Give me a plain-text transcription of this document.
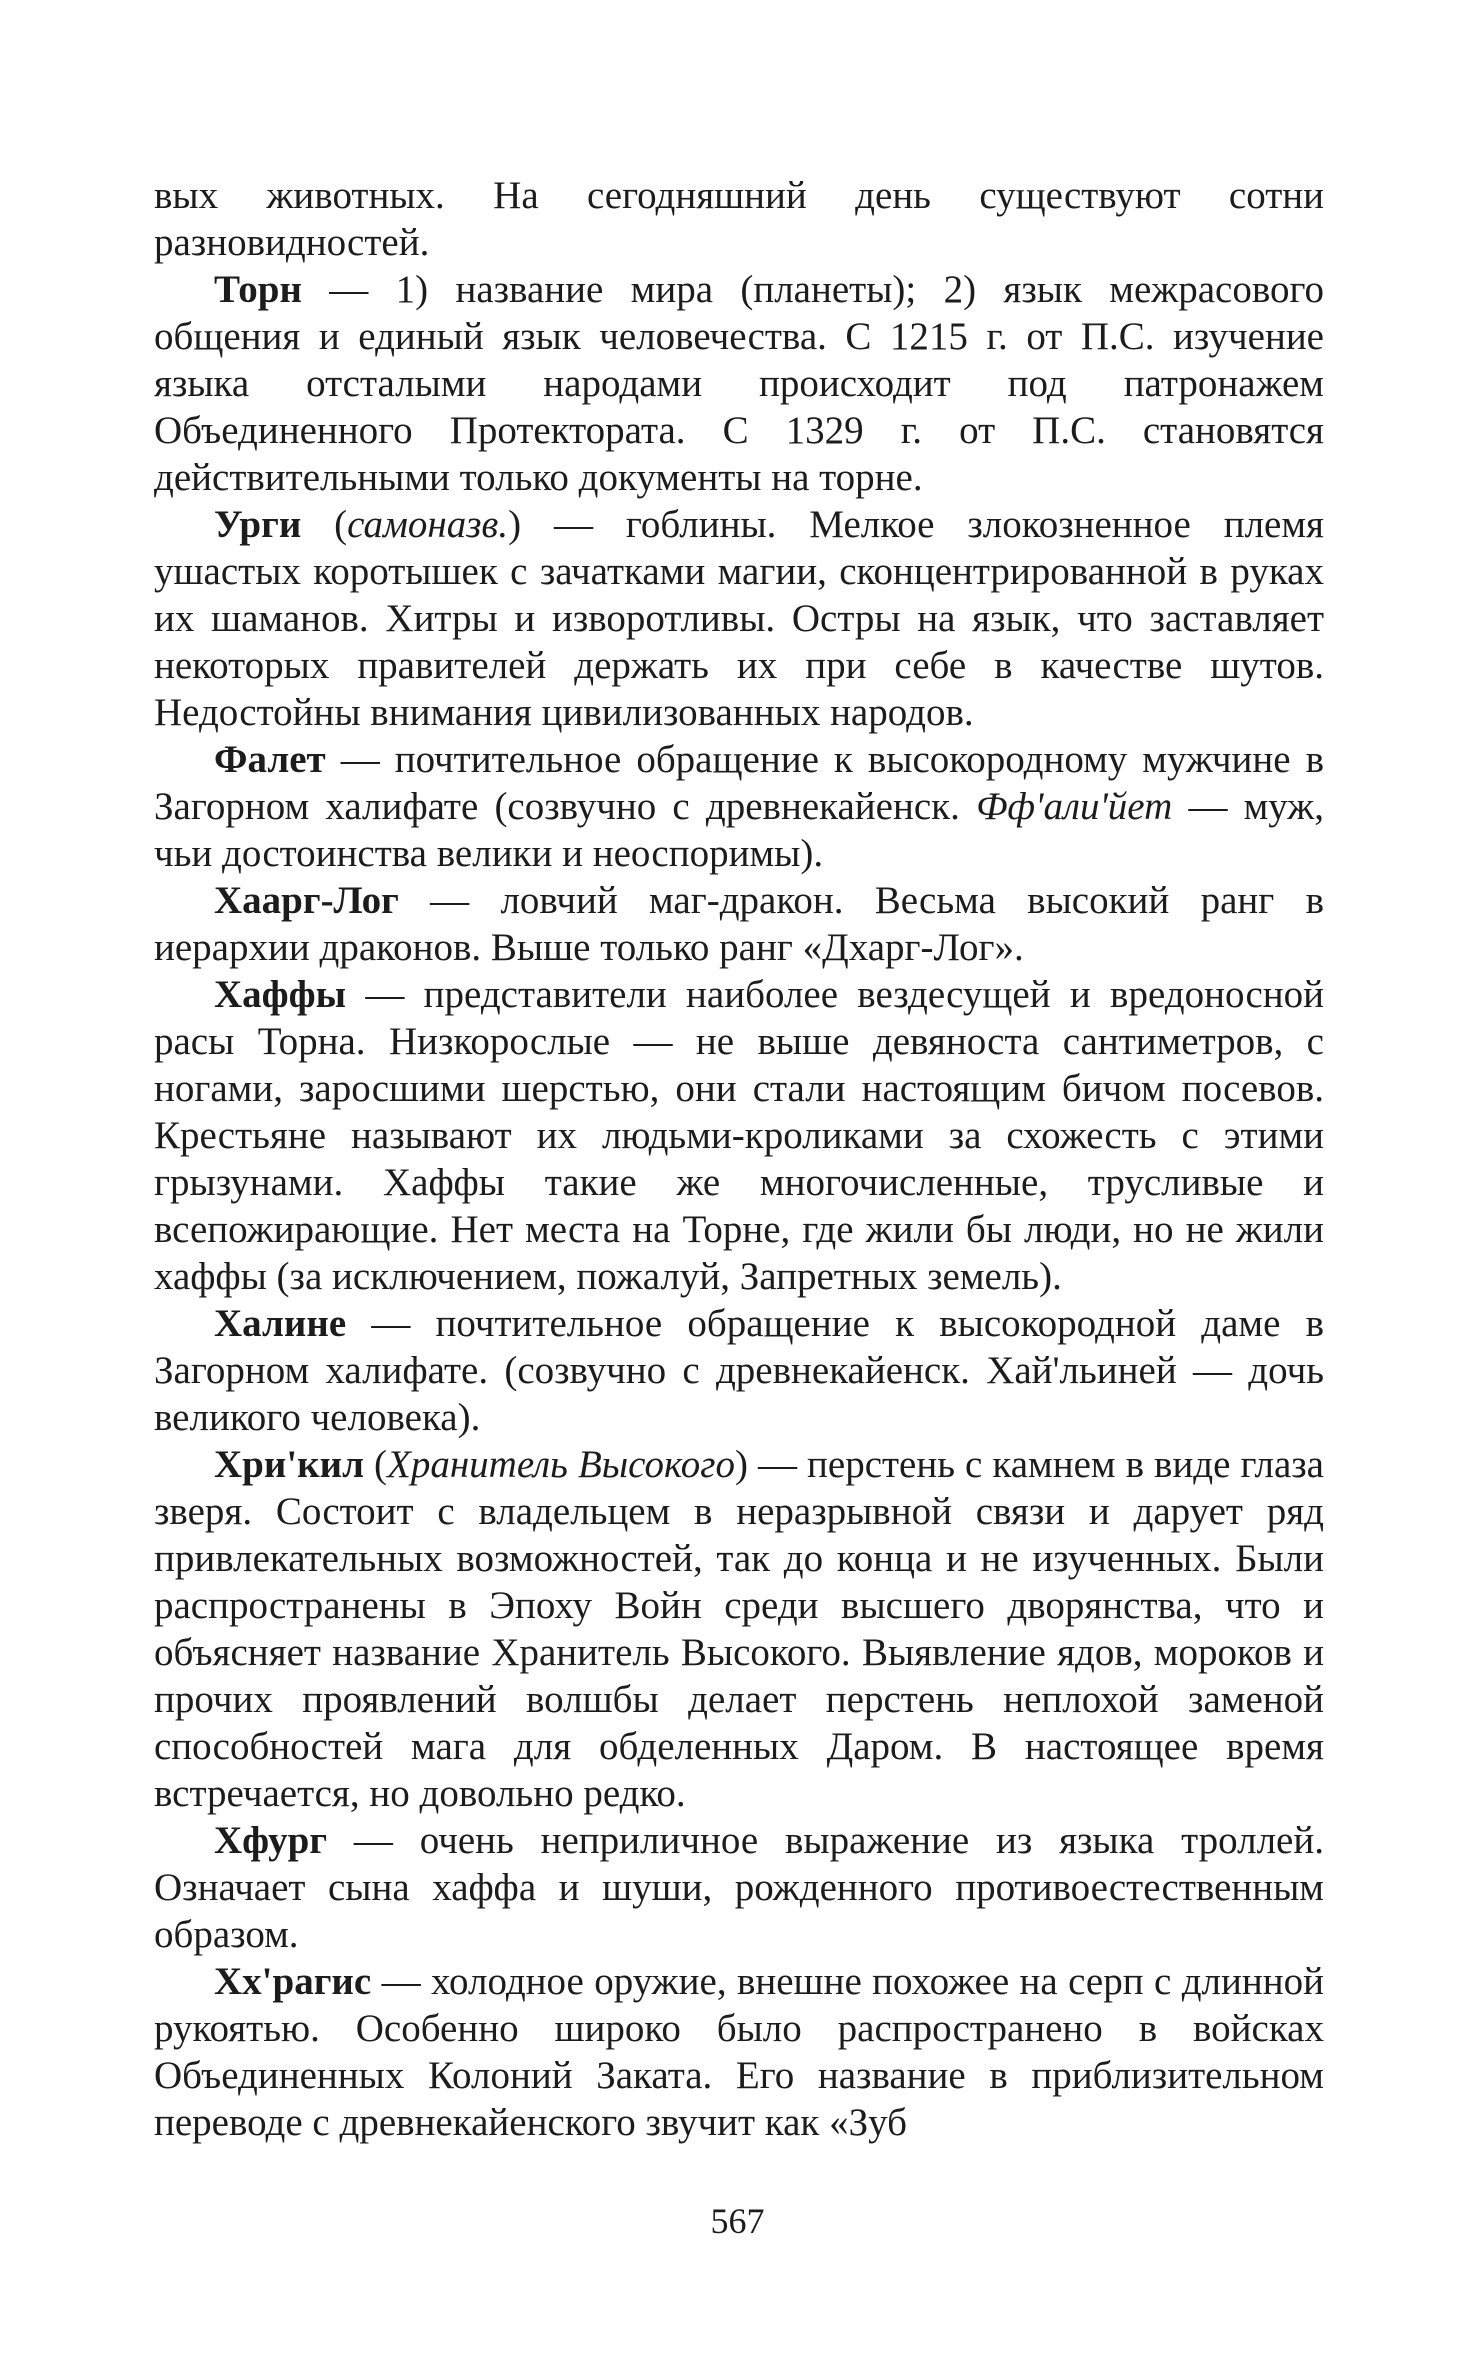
вых животных. На сегодняшний день существуют сотни разновидностей.

Торн — 1) название мира (планеты); 2) язык межрасового общения и единый язык человечества. С 1215 г. от П.С. изучение языка отсталыми народами происходит под патронажем Объединенного Протектората. С 1329 г. от П.С. становятся действительными только документы на торне.

Урги (самоназв.) — гоблины. Мелкое злокозненное племя ушастых коротышек с зачатками магии, сконцентрированной в руках их шаманов. Хитры и изворотливы. Остры на язык, что заставляет некоторых правителей держать их при себе в качестве шутов. Недостойны внимания цивилизованных народов.

Фалет — почтительное обращение к высокородному мужчине в Загорном халифате (созвучно с древнекайенск. Фф'али'йет — муж, чьи достоинства велики и неоспоримы).

Хаарг-Лог — ловчий маг-дракон. Весьма высокий ранг в иерархии драконов. Выше только ранг «Дхарг-Лог».

Хаффы — представители наиболее вездесущей и вредоносной расы Торна. Низкорослые — не выше девяноста сантиметров, с ногами, заросшими шерстью, они стали настоящим бичом посевов. Крестьяне называют их людьми-кроликами за схожесть с этими грызунами. Хаффы такие же многочисленные, трусливые и всепожирающие. Нет места на Торне, где жили бы люди, но не жили хаффы (за исключением, пожалуй, Запретных земель).

Халине — почтительное обращение к высокородной даме в Загорном халифате. (созвучно с древнекайенск. Хай'льиней — дочь великого человека).

Хри'кил (Хранитель Высокого) — перстень с камнем в виде глаза зверя. Состоит с владельцем в неразрывной связи и дарует ряд привлекательных возможностей, так до конца и не изученных. Были распространены в Эпоху Войн среди высшего дворянства, что и объясняет название Хранитель Высокого. Выявление ядов, мороков и прочих проявлений волшбы делает перстень неплохой заменой способностей мага для обделенных Даром. В настоящее время встречается, но довольно редко.

Хфург — очень неприличное выражение из языка троллей. Означает сына хаффа и шуши, рожденного противоестественным образом.

Хх'рагис — холодное оружие, внешне похожее на серп с длинной рукоятью. Особенно широко было распространено в войсках Объединенных Колоний Заката. Его название в приблизительном переводе с древнекайенского звучит как «Зуб

567
